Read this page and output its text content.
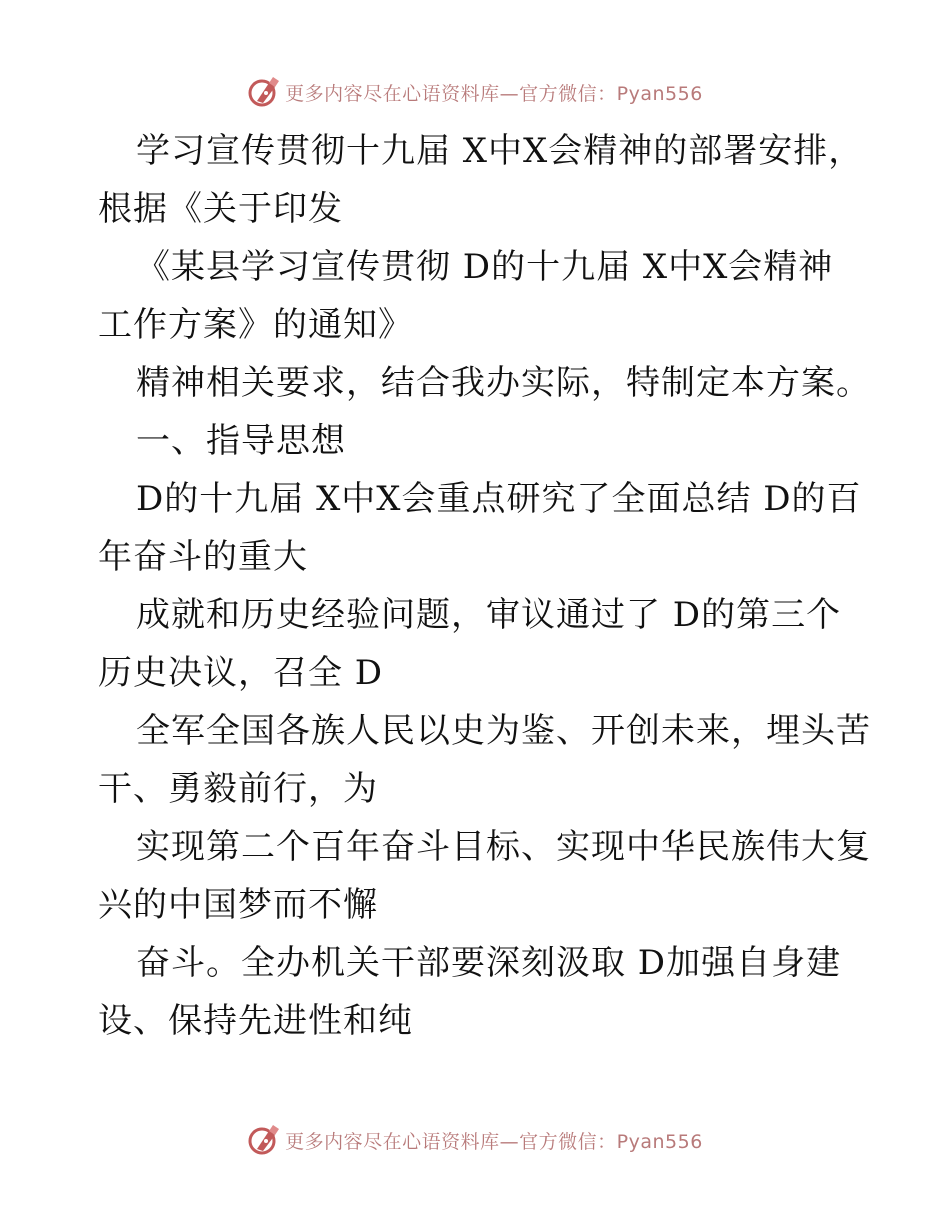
更多内容尽在心语资料库—官方微信：Pyan556
学习宣传贯彻十九届 X中X会精神的部署安排，
根据《关于印发
《某县学习宣传贯彻 D的十九届 X中X会精神
工作方案》的通知》
精神相关要求，结合我办实际，特制定本方案。
一、指导思想
D的十九届 X中X会重点研究了全面总结 D的百
年奋斗的重大
成就和历史经验问题，审议通过了 D的第三个
历史决议，召全 D
全军全国各族人民以史为鉴、开创未来，埋头苦
干、勇毅前行，为
实现第二个百年奋斗目标、实现中华民族伟大复
兴的中国梦而不懈
奋斗。全办机关干部要深刻汲取 D加强自身建
设、保持先进性和纯
更多内容尽在心语资料库—官方微信：Pyan556
